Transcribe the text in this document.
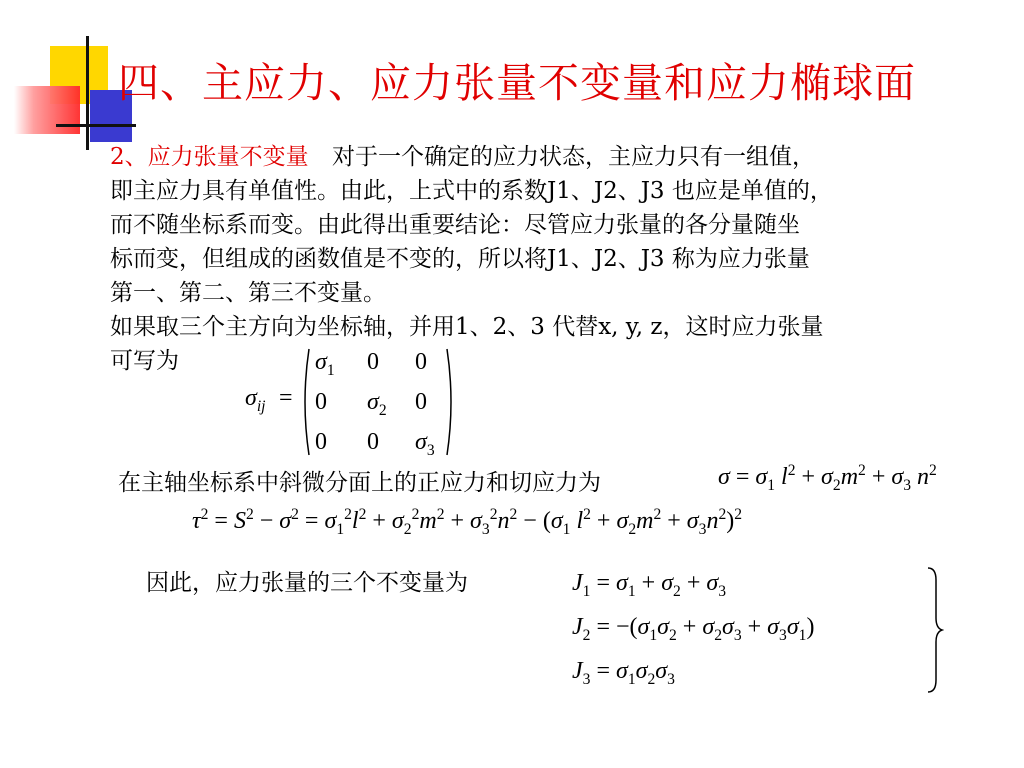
四、主应力、应力张量不变量和应力椭球面
2、应力张量不变量 对于一个确定的应力状态，主应力只有一组值，
即主应力具有单值性。由此，上式中的系数J1、J2、J3 也应是单值的，
而不随坐标系而变。由此得出重要结论：尽管应力张量的各分量随坐
标而变，但组成的函数值是不变的，所以将J1、J2、J3 称为应力张量
第一、第二、第三不变量。
如果取三个主方向为坐标轴，并用1、2、3 代替x, y, z，这时应力张量
可写为
$\sigma_{ij}$ =
$\sigma_1$ 0 0
0 $\sigma_2$ 0
0 0 $\sigma_3$
在主轴坐标系中斜微分面上的正应力和切应力为	$\sigma = \sigma_1$ $l^2 + \sigma_2m^2 + \sigma_3$ $n^2$
$\tau^2 = S^2 - \sigma^2 = \sigma_1^2l^2 + \sigma_2^2m^2 + \sigma_3^2n^2 - (\sigma_1$ $l^2 + \sigma_2m^2 + \sigma_3n^2)^2$
因此，应力张量的三个不变量为	$J_1 = \sigma_1 + \sigma_2 + \sigma_3$
$J_2 = -(\sigma_1\sigma_2 + \sigma_2\sigma_3 + \sigma_3\sigma_1)$
$J_3 = \sigma_1\sigma_2\sigma_3$
